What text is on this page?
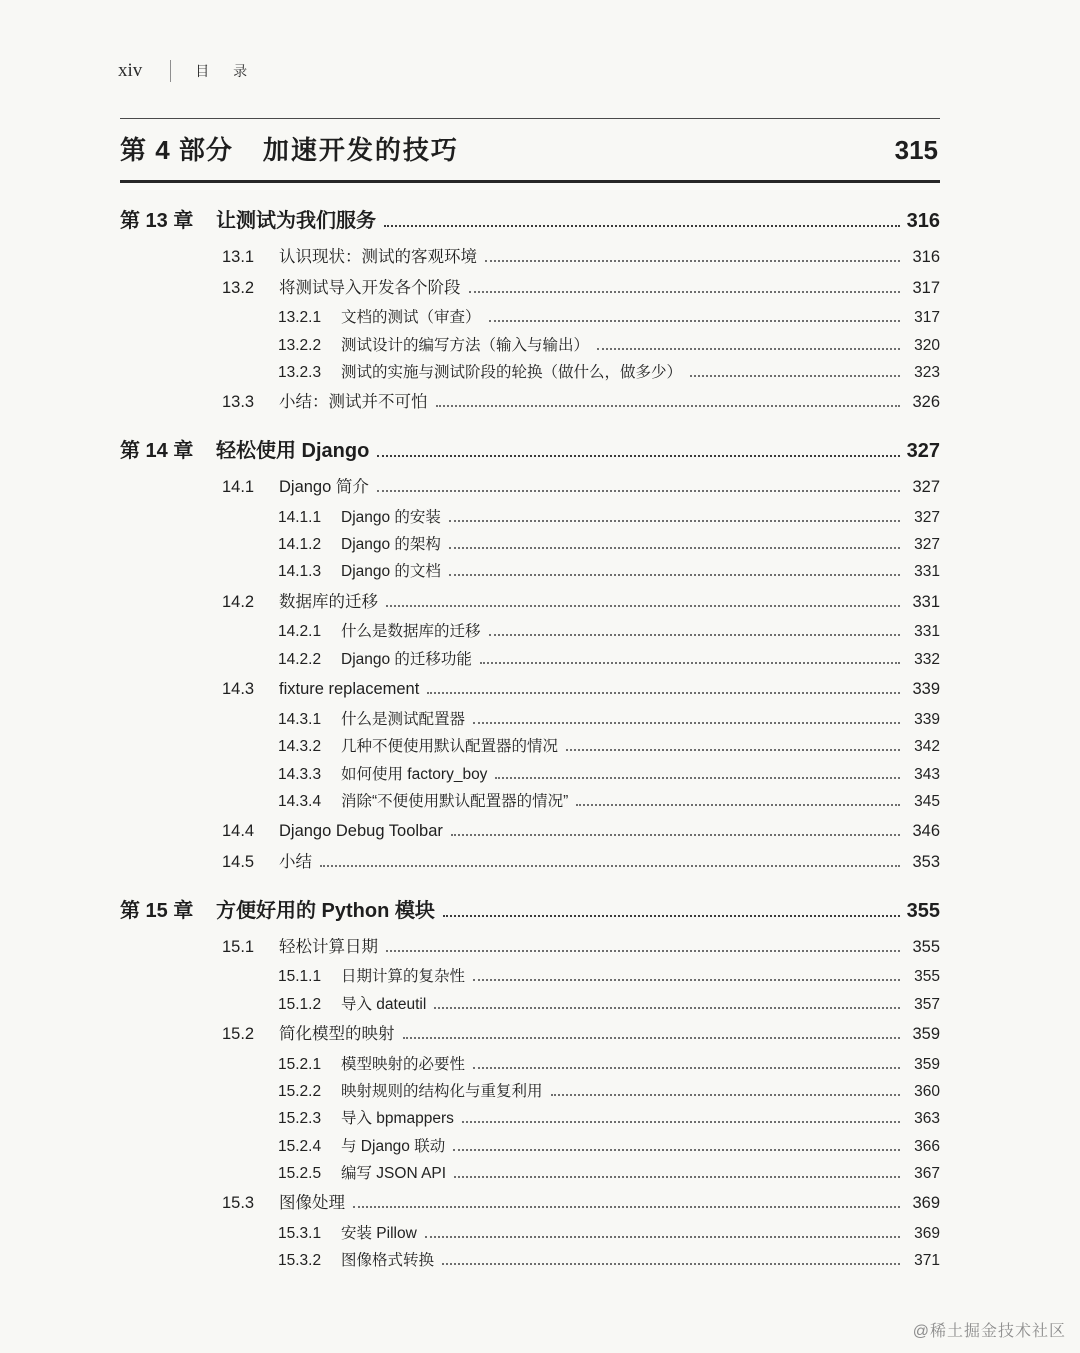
xiv	目 录
第 4 部分 加速开发的技巧	315
第 13 章	让测试为我们服务	316
13.1	认识现状：测试的客观环境	316
13.2	将测试导入开发各个阶段	317
13.2.1	文档的测试（审查）	317
13.2.2	测试设计的编写方法（输入与输出）	320
13.2.3	测试的实施与测试阶段的轮换（做什么，做多少）	323
13.3	小结：测试并不可怕	326
第 14 章	轻松使用 Django	327
14.1	Django 简介	327
14.1.1	Django 的安装	327
14.1.2	Django 的架构	327
14.1.3	Django 的文档	331
14.2	数据库的迁移	331
14.2.1	什么是数据库的迁移	331
14.2.2	Django 的迁移功能	332
14.3	fixture replacement	339
14.3.1	什么是测试配置器	339
14.3.2	几种不便使用默认配置器的情况	342
14.3.3	如何使用 factory_boy	343
14.3.4	消除“不便使用默认配置器的情况”	345
14.4	Django Debug Toolbar	346
14.5	小结	353
第 15 章	方便好用的 Python 模块	355
15.1	轻松计算日期	355
15.1.1	日期计算的复杂性	355
15.1.2	导入 dateutil	357
15.2	简化模型的映射	359
15.2.1	模型映射的必要性	359
15.2.2	映射规则的结构化与重复利用	360
15.2.3	导入 bpmappers	363
15.2.4	与 Django 联动	366
15.2.5	编写 JSON API	367
15.3	图像处理	369
15.3.1	安装 Pillow	369
15.3.2	图像格式转换	371
@稀土掘金技术社区
